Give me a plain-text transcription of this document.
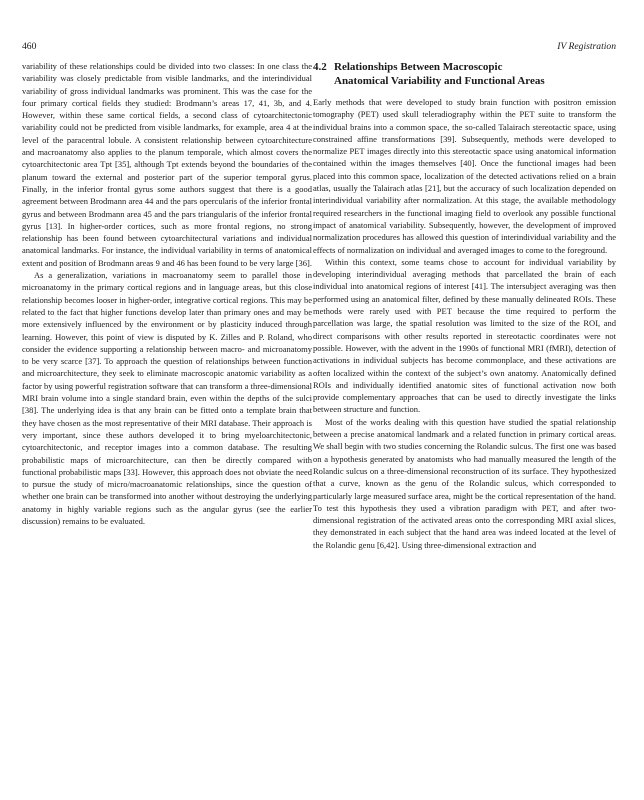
460	IV Registration

variability of these relationships could be divided into two classes: In one class the variability was closely predictable from visible landmarks, and the interindividual variability of gross individual landmarks was prominent. This was the case for the four primary cortical fields they studied: Brodmann’s areas 17, 41, 3b, and 4. However, within these same cortical fields, a second class of cytoarchitectonic variability could not be predicted from visible landmarks, for example, area 4 at the level of the paracentral lobule. A consistent relationship between cytoarchitecture and macroanatomy also applies to the planum temporale, which almost covers the cytoarchitectonic area Tpt [35], although Tpt extends beyond the boundaries of the planum toward the external and posterior part of the superior temporal gyrus. Finally, in the inferior frontal gyrus some authors suggest that there is a good agreement between Brodmann area 44 and the pars opercularis of the inferior frontal gyrus and between Brodmann area 45 and the pars triangularis of the inferior frontal gyrus [13]. In higher-order cortices, such as more frontal regions, no strong relationship has been found between cytoarchitectural variations and individual anatomical landmarks. For instance, the individual variability in terms of anatomical extent and position of Brodmann areas 9 and 46 has been found to be very large [36].

As a generalization, variations in macroanatomy seem to parallel those in microanatomy in the primary cortical regions and in language areas, but this close relationship becomes looser in higher-order, integrative cortical regions. This may be related to the fact that higher functions develop later than primary ones and may be more extensively influenced by the environment or by plasticity induced through learning. However, this point of view is disputed by K. Zilles and P. Roland, who consider the evidence supporting a relationship between macro- and microanatomy to be very scarce [37]. To approach the question of relationships between function and microarchitecture, they seek to eliminate macroscopic anatomic variability as a factor by using powerful registration software that can transform a three-dimensional MRI brain volume into a single standard brain, even within the depths of the sulci [38]. The underlying idea is that any brain can be fitted onto a template brain that they have chosen as the most representative of their MRI database. Their approach is very important, since these authors developed it to bring myeloarchitectonic, cytoarchitectonic, and receptor images into a common database. The resulting probabilistic maps of microarchitecture, can then be directly compared with functional probabilistic maps [33]. However, this approach does not obviate the need to pursue the study of micro/macroanatomic relationships, since the question of whether one brain can be transformed into another without destroying the underlying anatomy in highly variable regions such as the angular gyrus (see the earlier discussion) remains to be evaluated.

4.2 Relationships Between Macroscopic
Anatomical Variability and Functional Areas

Early methods that were developed to study brain function with positron emission tomography (PET) used skull teleradiography within the PET suite to transform the individual brains into a common space, the so-called Talairach stereotactic space, using constrained affine transformations [39]. Subsequently, methods were developed to normalize PET images directly into this stereotactic space using anatomical information contained within the images themselves [40]. Once the functional images had been placed into this common space, localization of the detected activations relied on a brain atlas, usually the Talairach atlas [21], but the accuracy of such localization depended on interindividual variability after normalization. At this stage, the available methodology required researchers in the functional imaging field to overlook any possible functional impact of anatomical variability. Subsequently, however, the development of improved normalization procedures has allowed this question of interindividual variability and the effects of normalization on individual and averaged images to come to the foreground.

Within this context, some teams chose to account for individual variability by developing interindividual averaging methods that parcellated the brain of each individual into anatomical regions of interest [41]. The intersubject averaging was then performed using an anatomical filter, defined by these manually delineated ROIs. These methods were rarely used with PET because the time required to perform the parcellation was large, the spatial resolution was limited to the size of the ROI, and direct comparisons with other results reported in stereotactic coordinates were not possible. However, with the advent in the 1990s of functional MRI (fMRI), detection of activations in individual subjects has become commonplace, and these activations are often localized within the context of the subject’s own anatomy. Anatomically defined ROIs and individually identified anatomic sites of functional activation now both provide complementary approaches that can be used to directly investigate the links between structure and function.

Most of the works dealing with this question have studied the spatial relationship between a precise anatomical landmark and a related function in primary cortical areas. We shall begin with two studies concerning the Rolandic sulcus. The first one was based on a hypothesis generated by anatomists who had manually measured the length of the Rolandic sulcus on a three-dimensional reconstruction of its surface. They hypothesized that a curve, known as the genu of the Rolandic sulcus, which corresponded to particularly large measured surface area, might be the cortical representation of the hand. To test this hypothesis they used a vibration paradigm with PET, and after two-dimensional registration of the activated areas onto the corresponding MRI axial slices, they demonstrated in each subject that the hand area was indeed located at the level of the Rolandic genu [6,42]. Using three-dimensional extraction and
